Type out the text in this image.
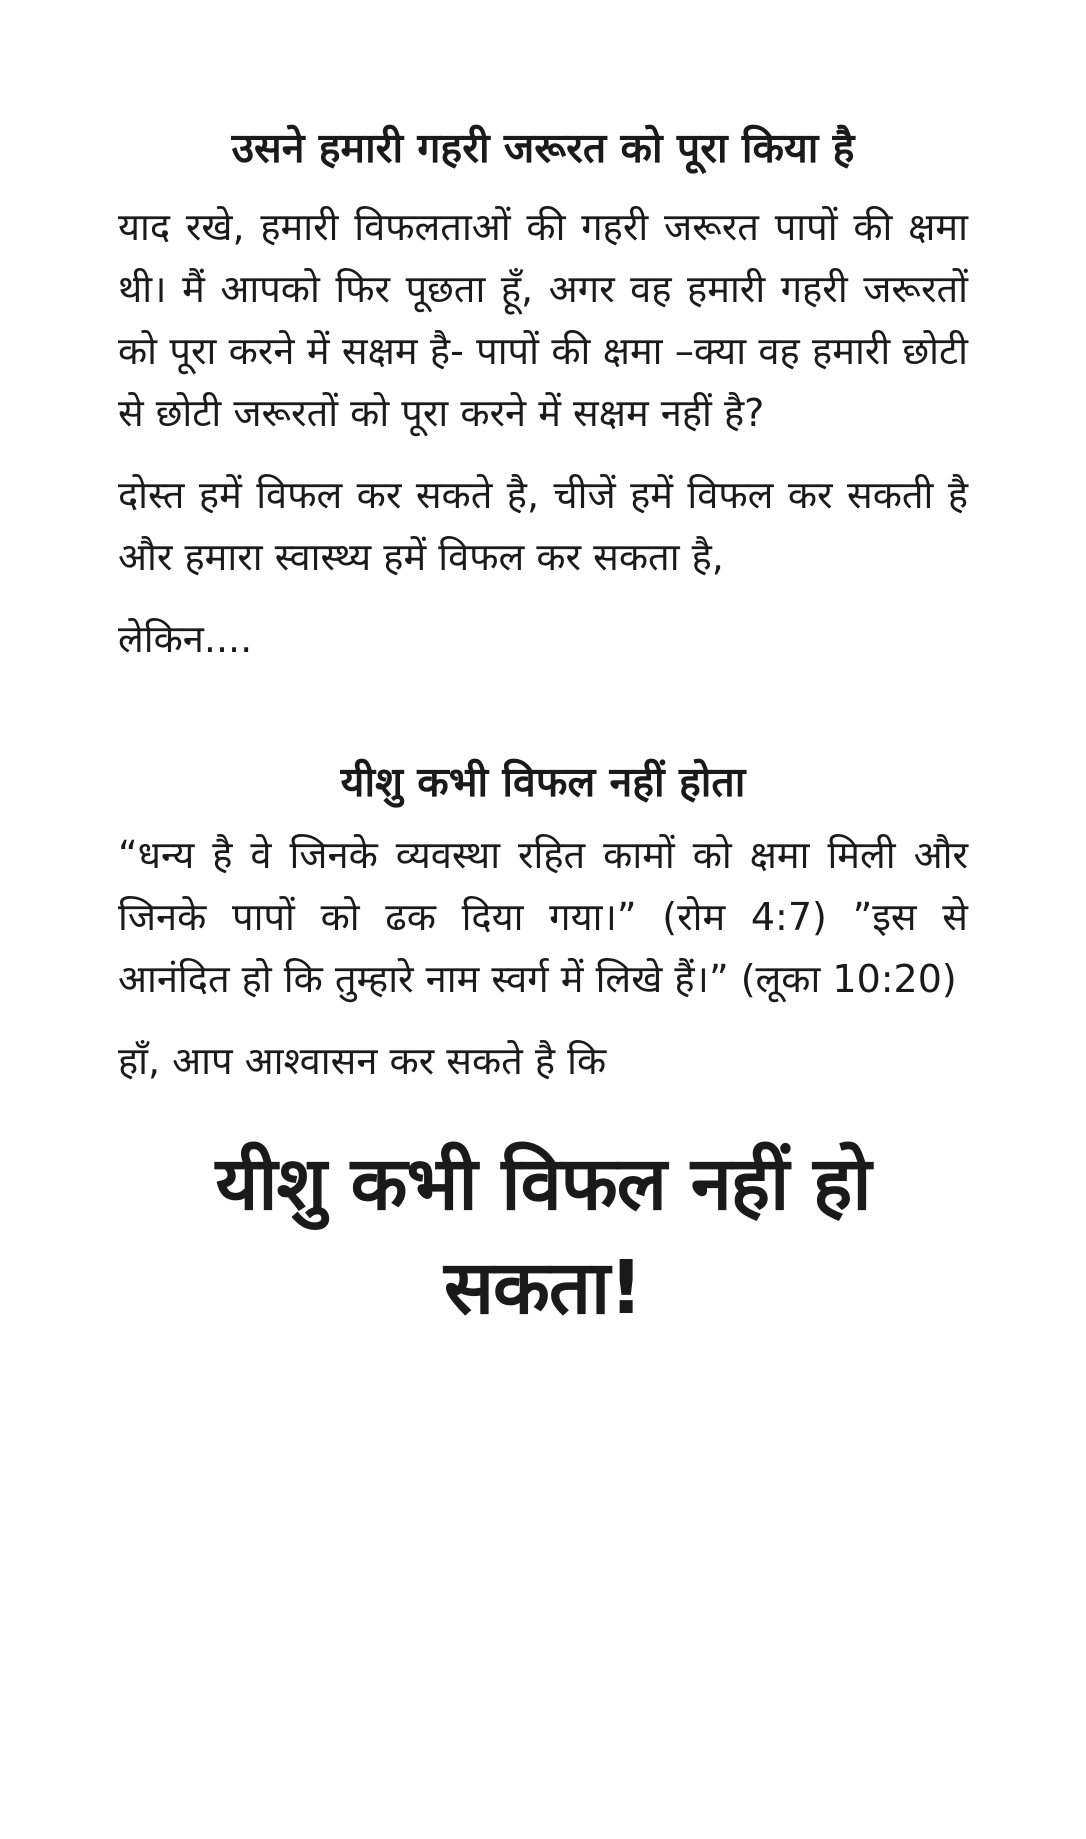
उसने हमारी गहरी जरूरत को पूरा किया है

याद रखे, हमारी विफलताओं की गहरी जरूरत पापों की क्षमा थी। मैं आपको फिर पूछता हूँ, अगर वह हमारी गहरी जरूरतों को पूरा करने में सक्षम है- पापों की क्षमा –क्या वह हमारी छोटी से छोटी जरूरतों को पूरा करने में सक्षम नहीं है?

दोस्त हमें विफल कर सकते है, चीजें हमें विफल कर सकती है और हमारा स्वास्थ्य हमें विफल कर सकता है,

लेकिन....

यीशु कभी विफल नहीं होता

“धन्य है वे जिनके व्यवस्था रहित कामों को क्षमा मिली और जिनके पापों को ढक दिया गया।” (रोम 4:7) ”इस से आनंदित हो कि तुम्हारे नाम स्वर्ग में लिखे हैं।” (लूका 10:20)

हाँ, आप आश्वासन कर सकते है कि

यीशु कभी विफल नहीं हो सकता!
